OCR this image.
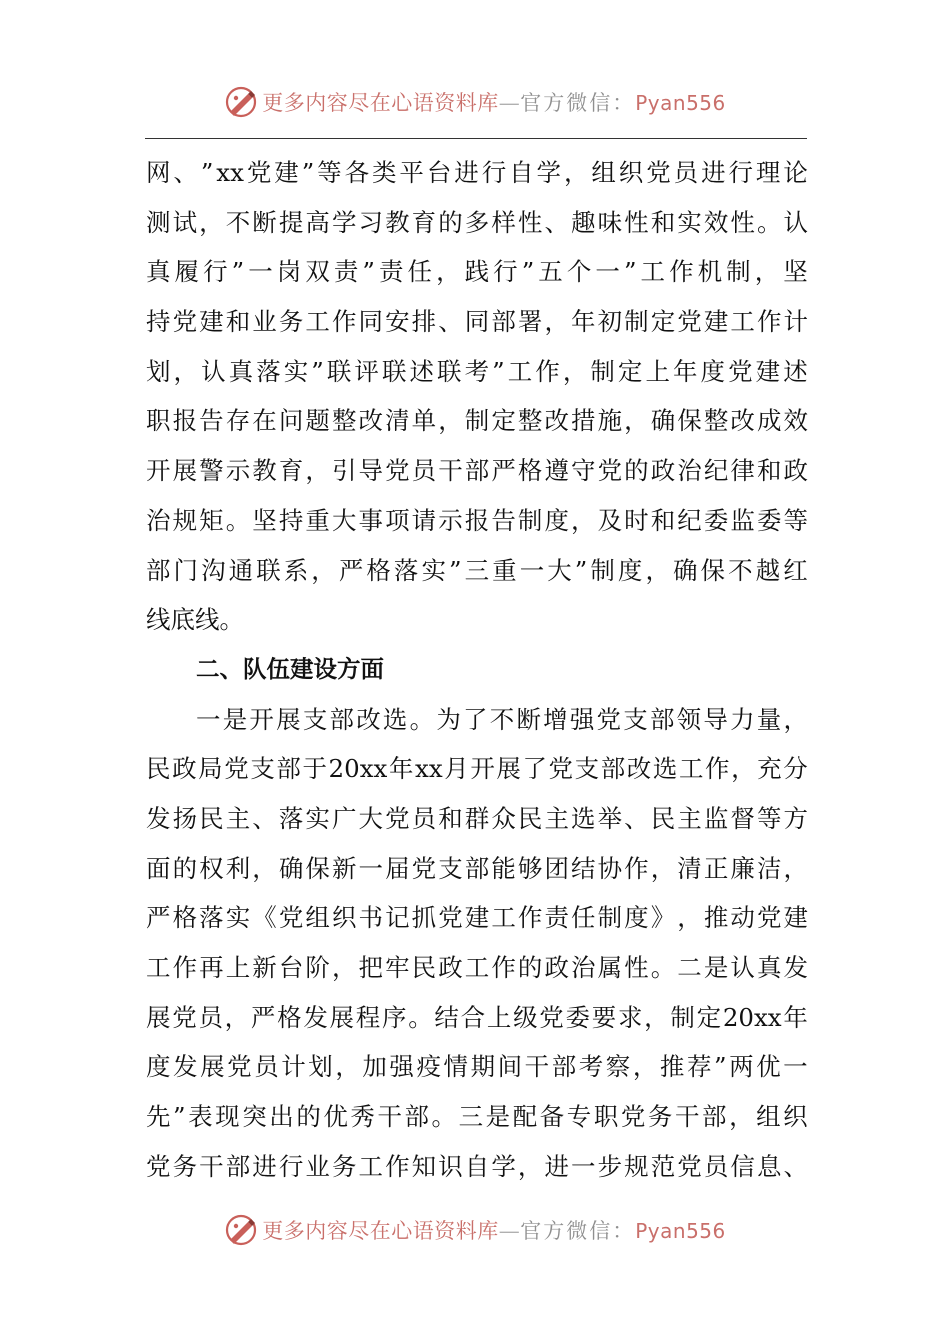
更多内容尽在心语资料库—官方微信：Pyan556
网 、 ” xx 党 建 ” 等 各 类 平 台 进 行 自 学 ， 组 织 党 员 进 行 理 论
测 试 ， 不 断 提 高 学 习 教 育 的 多 样 性 、 趣 味 性 和 实 效 性 。 认
真 履 行 ” 一 岗 双 责 ” 责 任 ， 践 行 ” 五 个 一 ” 工 作 机 制 ， 坚
持 党 建 和 业 务 工 作 同 安 排 、 同 部 署 ， 年 初 制 定 党 建 工 作 计
划 ， 认 真 落 实 ” 联 评 联 述 联 考 ” 工 作 ， 制 定 上 年 度 党 建 述
职 报 告 存 在 问 题 整 改 清 单 ， 制 定 整 改 措 施 ， 确 保 整 改 成 效
开 展 警 示 教 育 ， 引 导 党 员 干 部 严 格 遵 守 党 的 政 治 纪 律 和 政
治 规 矩 。 坚 持 重 大 事 项 请 示 报 告 制 度 ， 及 时 和 纪 委 监 委 等
部 门 沟 通 联 系 ， 严 格 落 实 ” 三 重 一 大 ” 制 度 ， 确 保 不 越 红
线底线。
二、队伍建设方面
一 是 开 展 支 部 改 选 。 为 了 不 断 增 强 党 支 部 领 导 力 量 ，
民 政 局 党 支 部 于 20xx 年 xx 月 开 展 了 党 支 部 改 选 工 作 ， 充 分
发 扬 民 主 、 落 实 广 大 党 员 和 群 众 民 主 选 举 、 民 主 监 督 等 方
面 的 权 利 ， 确 保 新 一 届 党 支 部 能 够 团 结 协 作 ， 清 正 廉 洁 ，
严 格 落 实 《 党 组 织 书 记 抓 党 建 工 作 责 任 制 度 》 ， 推 动 党 建
工 作 再 上 新 台 阶 ， 把 牢 民 政 工 作 的 政 治 属 性 。 二 是 认 真 发
展 党 员 ， 严 格 发 展 程 序 。 结 合 上 级 党 委 要 求 ， 制 定 20xx 年
度 发 展 党 员 计 划 ， 加 强 疫 情 期 间 干 部 考 察 ， 推 荐 ” 两 优 一
先 ” 表 现 突 出 的 优 秀 干 部 。 三 是 配 备 专 职 党 务 干 部 ， 组 织
党 务 干 部 进 行 业 务 工 作 知 识 自 学 ， 进 一 步 规 范 党 员 信 息 、
更多内容尽在心语资料库—官方微信：Pyan556
